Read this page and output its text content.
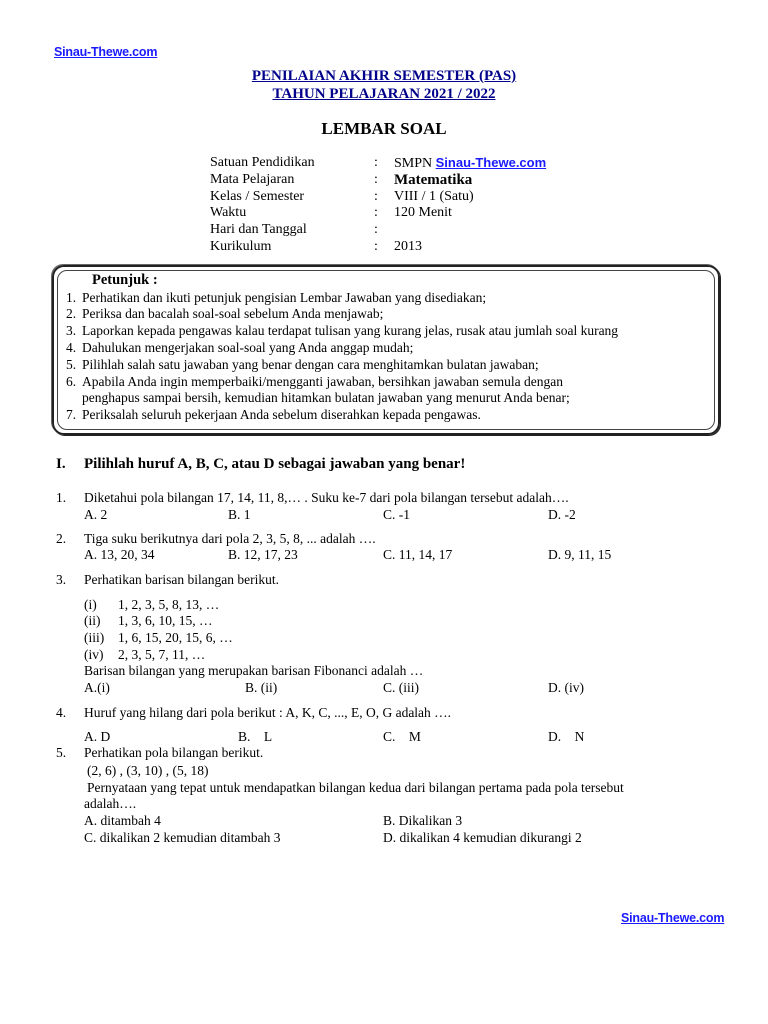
Sinau-Thewe.com
PENILAIAN AKHIR SEMESTER (PAS)
TAHUN PELAJARAN 2021 / 2022
LEMBAR SOAL
Satuan Pendidikan	: SMPN Sinau-Thewe.com
Mata Pelajaran	: Matematika
Kelas / Semester	: VIII / 1 (Satu)
Waktu	: 120 Menit
Hari dan Tanggal	:
Kurikulum	: 2013
Petunjuk :
1. Perhatikan dan ikuti petunjuk pengisian Lembar Jawaban yang disediakan;
2. Periksa dan bacalah soal-soal sebelum Anda menjawab;
3. Laporkan kepada pengawas kalau terdapat tulisan yang kurang jelas, rusak atau jumlah soal kurang
4. Dahulukan mengerjakan soal-soal yang Anda anggap mudah;
5. Pilihlah salah satu jawaban yang benar dengan cara menghitamkan bulatan jawaban;
6. Apabila Anda ingin memperbaiki/mengganti jawaban, bersihkan jawaban semula dengan
penghapus sampai bersih, kemudian hitamkan bulatan jawaban yang menurut Anda benar;
7. Periksalah seluruh pekerjaan Anda sebelum diserahkan kepada pengawas.
I. Pilihlah huruf A, B, C, atau D sebagai jawaban yang benar!
1. Diketahui pola bilangan 17, 14, 11, 8,… . Suku ke-7 dari pola bilangan tersebut adalah….
A. 2	B. 1	C. -1	D. -2
2. Tiga suku berikutnya dari pola 2, 3, 5, 8, ... adalah ….
A. 13, 20, 34	B. 12, 17, 23	C. 11, 14, 17	D. 9, 11, 15
3. Perhatikan barisan bilangan berikut.
(i) 1, 2, 3, 5, 8, 13, …
(ii) 1, 3, 6, 10, 15, …
(iii) 1, 6, 15, 20, 15, 6, …
(iv) 2, 3, 5, 7, 11, …
Barisan bilangan yang merupakan barisan Fibonanci adalah …
A.(i)	B. (ii)	C. (iii)	D. (iv)
4. Huruf yang hilang dari pola berikut : A, K, C, ..., E, O, G adalah ….
A. D	B.    L	C.    M	D.    N
5. Perhatikan pola bilangan berikut.
(2, 6) , (3, 10) , (5, 18)
Pernyataan yang tepat untuk mendapatkan bilangan kedua dari bilangan pertama pada pola tersebut
adalah….
A. ditambah 4	B. Dikalikan 3
C. dikalikan 2 kemudian ditambah 3	D. dikalikan 4 kemudian dikurangi 2
Sinau-Thewe.com
